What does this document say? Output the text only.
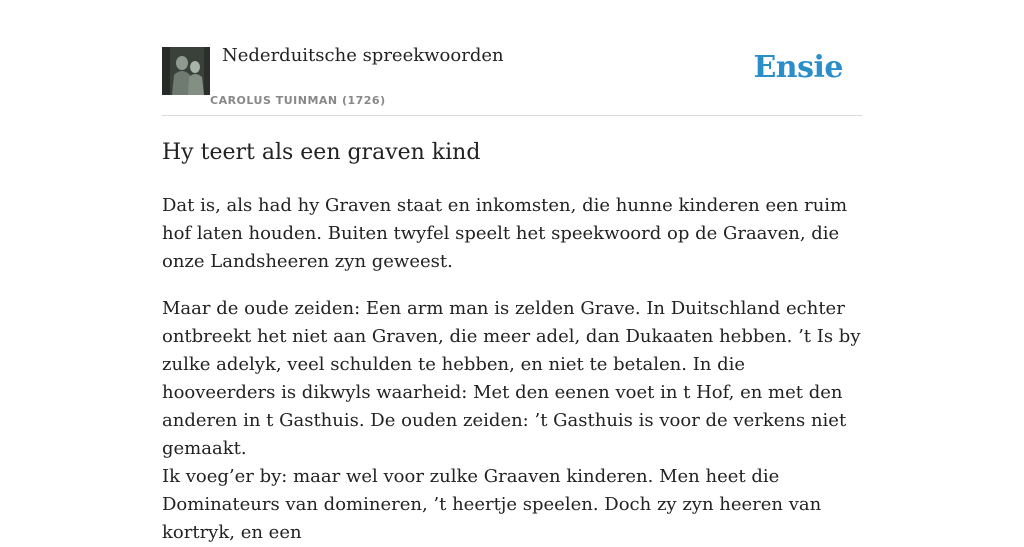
Nederduitsche spreekwoorden
CAROLUS TUINMAN (1726)
Ensie
Hy teert als een graven kind

Dat is, als had hy Graven staat en inkomsten, die hunne kinderen een ruim hof laten houden. Buiten twyfel speelt het speekwoord op de Graaven, die onze Landsheeren zyn geweest.

Maar de oude zeiden: Een arm man is zelden Grave. In Duitschland echter ontbreekt het niet aan Graven, die meer adel, dan Dukaaten hebben. ’t Is by zulke adelyk, veel schulden te hebben, en niet te betalen. In die hooveerders is dikwyls waarheid: Met den eenen voet in t Hof, en met den anderen in t Gasthuis. De ouden zeiden: ’t Gasthuis is voor de verkens niet gemaakt.

Ik voeg’er by: maar wel voor zulke Graaven kinderen. Men heet die Dominateurs van domineren, ’t heertje speelen. Doch zy zyn heeren van kortryk, en een
